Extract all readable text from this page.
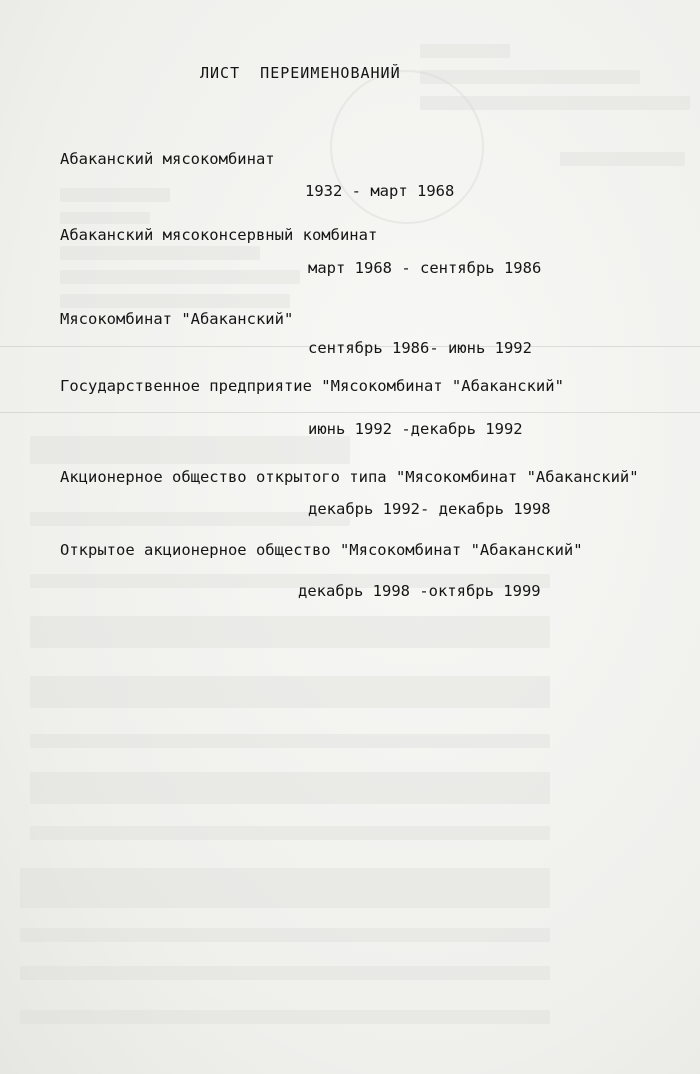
ЛИСТ  ПЕРЕИМЕНОВАНИЙ
Абаканский мясокомбинат
1932 - март 1968
Абаканский мясоконсервный комбинат
март 1968 - сентябрь 1986
Мясокомбинат "Абаканский"
сентябрь 1986- июнь 1992
Государственное предприятие "Мясокомбинат "Абаканский"
июнь 1992 -декабрь 1992
Акционерное общество открытого типа "Мясокомбинат "Абаканский"
декабрь 1992- декабрь 1998
Открытое акционерное общество "Мясокомбинат "Абаканский"
декабрь 1998 -октябрь 1999
